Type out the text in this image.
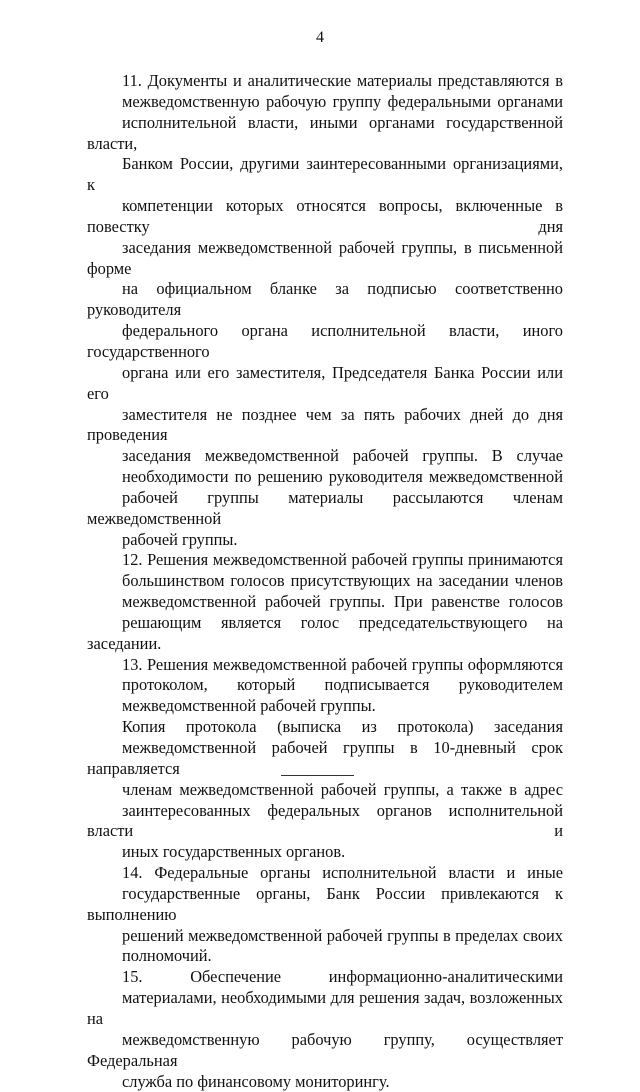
4

11. Документы и аналитические материалы представляются в
межведомственную рабочую группу федеральными органами
исполнительной власти, иными органами государственной власти,
Банком России, другими заинтересованными организациями, к
компетенции которых относятся вопросы, включенные в повестку дня
заседания межведомственной рабочей группы, в письменной форме
на официальном бланке за подписью соответственно руководителя
федерального органа исполнительной власти, иного государственного
органа или его заместителя, Председателя Банка России или его
заместителя не позднее чем за пять рабочих дней до дня проведения
заседания межведомственной рабочей группы. В случае
необходимости по решению руководителя межведомственной
рабочей группы материалы рассылаются членам межведомственной
рабочей группы.

12. Решения межведомственной рабочей группы принимаются
большинством голосов присутствующих на заседании членов
межведомственной рабочей группы. При равенстве голосов
решающим является голос председательствующего на заседании.

13. Решения межведомственной рабочей группы оформляются
протоколом, который подписывается руководителем
межведомственной рабочей группы.

Копия протокола (выписка из протокола) заседания
межведомственной рабочей группы в 10-дневный срок направляется
членам межведомственной рабочей группы, а также в адрес
заинтересованных федеральных органов исполнительной власти и
иных государственных органов.

14. Федеральные органы исполнительной власти и иные
государственные органы, Банк России привлекаются к выполнению
решений межведомственной рабочей группы в пределах своих
полномочий.

15. Обеспечение информационно-аналитическими
материалами, необходимыми для решения задач, возложенных на
межведомственную рабочую группу, осуществляет Федеральная
служба по финансовому мониторингу.
